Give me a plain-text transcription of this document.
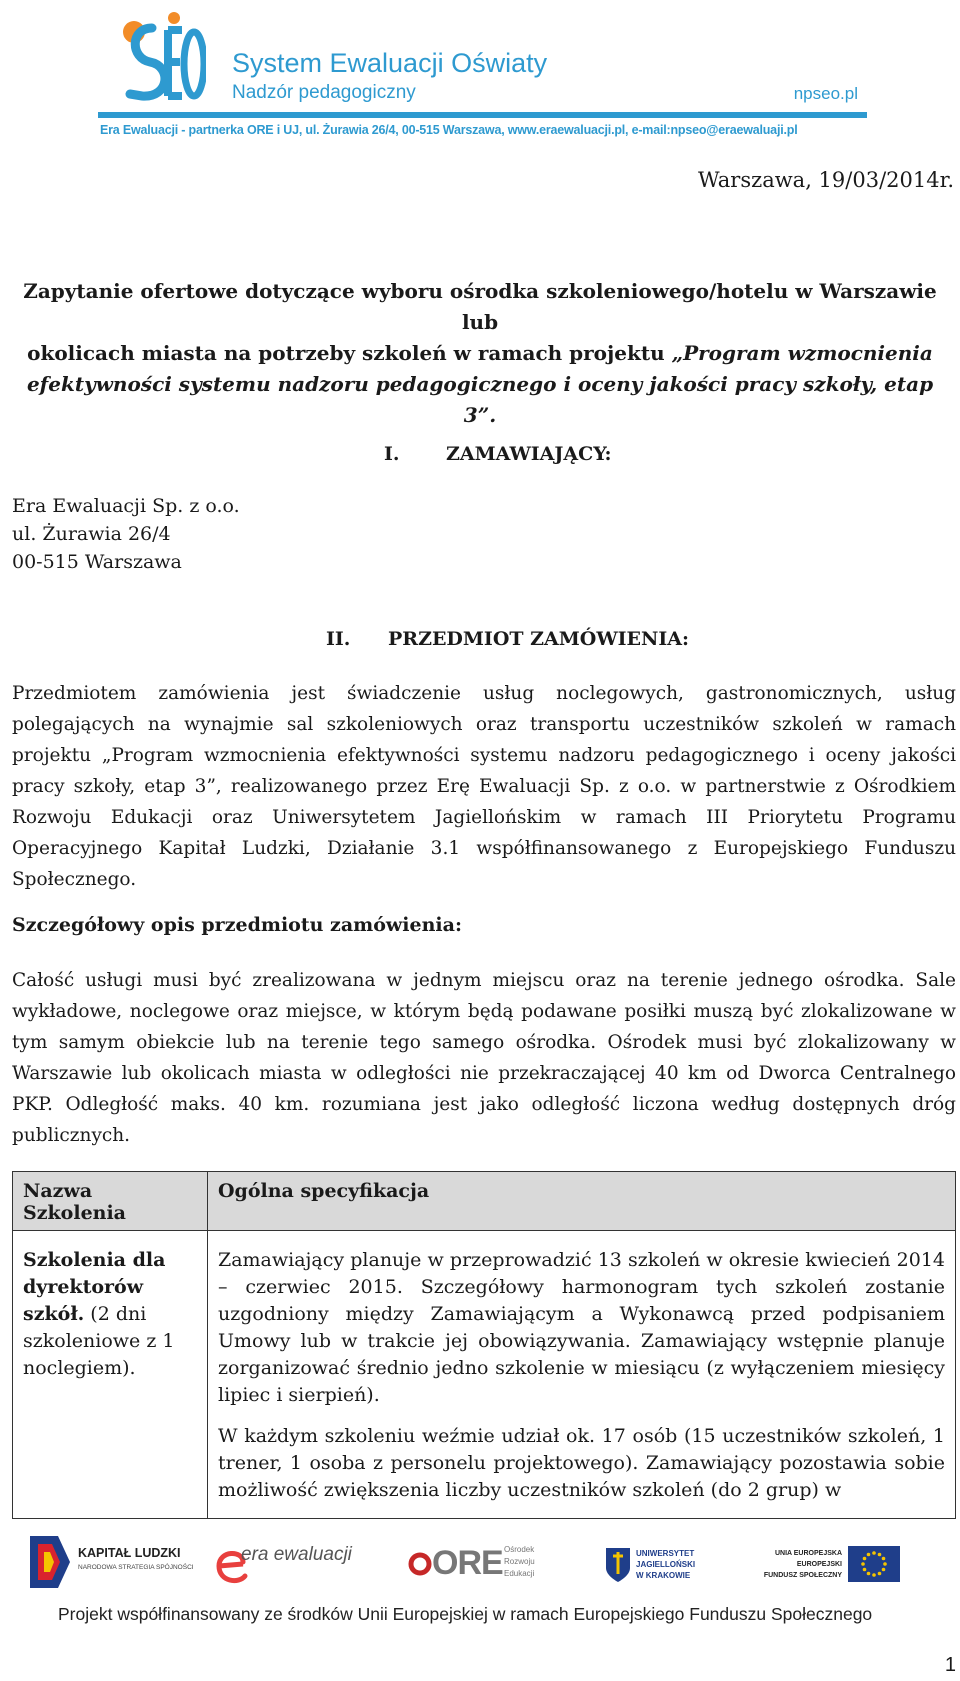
System Ewaluacji Oświaty
Nadzór pedagogiczny	npseo.pl
Era Ewaluacji - partnerka ORE i UJ, ul. Żurawia 26/4, 00-515 Warszawa, www.eraewaluacji.pl, e-mail:npseo@eraewaluaji.pl
Warszawa, 19/03/2014r.
Zapytanie ofertowe dotyczące wyboru ośrodka szkoleniowego/hotelu w Warszawie lub
okolicach miasta na potrzeby szkoleń w ramach projektu „Program wzmocnienia
efektywności systemu nadzoru pedagogicznego i oceny jakości pracy szkoły, etap 3”.
I. ZAMAWIAJĄCY:
Era Ewaluacji Sp. z o.o.
ul. Żurawia 26/4
00-515 Warszawa
II. PRZEDMIOT ZAMÓWIENIA:
Przedmiotem zamówienia jest świadczenie usług noclegowych, gastronomicznych, usług polegających na wynajmie sal szkoleniowych oraz transportu uczestników szkoleń w ramach projektu „Program wzmocnienia efektywności systemu nadzoru pedagogicznego i oceny jakości pracy szkoły, etap 3”, realizowanego przez Erę Ewaluacji Sp. z o.o. w partnerstwie z Ośrodkiem Rozwoju Edukacji oraz Uniwersytetem Jagiellońskim w ramach III Priorytetu Programu Operacyjnego Kapitał Ludzki, Działanie 3.1 współfinansowanego z Europejskiego Funduszu Społecznego.
Szczegółowy opis przedmiotu zamówienia:
Całość usługi musi być zrealizowana w jednym miejscu oraz na terenie jednego ośrodka. Sale wykładowe, noclegowe oraz miejsce, w którym będą podawane posiłki muszą być zlokalizowane w tym samym obiekcie lub na terenie tego samego ośrodka. Ośrodek musi być zlokalizowany w Warszawie lub okolicach miasta w odległości nie przekraczającej 40 km od Dworca Centralnego PKP. Odległość maks. 40 km. rozumiana jest jako odległość liczona według dostępnych dróg publicznych.
Nazwa Szkolenia	Ogólna specyfikacja
Szkolenia dla dyrektorów szkół. (2 dni szkoleniowe z 1 noclegiem).	Zamawiający planuje w przeprowadzić 13 szkoleń w okresie kwiecień 2014 – czerwiec 2015. Szczegółowy harmonogram tych szkoleń zostanie uzgodniony między Zamawiającym a Wykonawcą przed podpisaniem Umowy lub w trakcie jej obowiązywania. Zamawiający wstępnie planuje zorganizować średnio jedno szkolenie w miesiącu (z wyłączeniem miesięcy lipiec i sierpień).

W każdym szkoleniu weźmie udział ok. 17 osób (15 uczestników szkoleń, 1 trener, 1 osoba z personelu projektowego). Zamawiający pozostawia sobie możliwość zwiększenia liczby uczestników szkoleń (do 2 grup) w

KAPITAŁ LUDZKI
NARODOWA STRATEGIA SPÓJNOŚCI
era ewaluacji ORE Ośrodek
Rozwoju
Edukacji
UNIWERSYTET
JAGIELLOŃSKI
W KRAKOWIE
UNIA EUROPEJSKA
EUROPEJSKI
FUNDUSZ SPOŁECZNY
Projekt współfinansowany ze środków Unii Europejskiej w ramach Europejskiego Funduszu Społecznego
1
